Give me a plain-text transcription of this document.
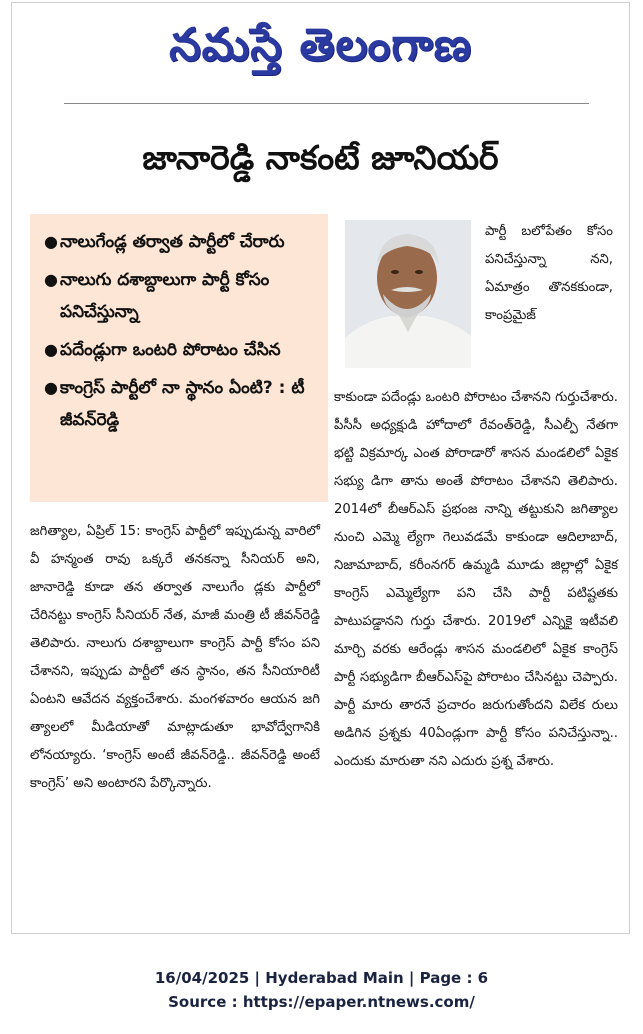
నమస్తే తెలంగాణ
జానారెడ్డి నాకంటే జూనియర్
● నాలుగేండ్ల తర్వాత పార్టీలో చేరారు
● నాలుగు దశాబ్దాలుగా పార్టీ కోసం పనిచేస్తున్నా
● పదేండ్లుగా ఒంటరి పోరాటం చేసిన
● కాంగ్రెస్ పార్టీలో నా స్థానం ఏంటి? : టీ జీవన్‌రెడ్డి
పార్టీ బలోపేతం కోసం పనిచేస్తున్నా నని, ఏమాత్రం తొనకకుండా, కాంప్రమైజ్
కాకుండా పదేండ్లు ఒంటరి పోరాటం చేశానని గుర్తుచేశారు. పీసీసీ అధ్యక్షుడి హోదాలో రేవంత్‌రెడ్డి, సీఎల్పీ నేతగా భట్టి విక్రమార్క ఎంత పోరాడారో శాసన మండలిలో ఏకైక సభ్యు డిగా తాను అంతే పోరాటం చేశానని తెలిపారు. 2014లో బీఆర్‌ఎస్ ప్రభంజ నాన్ని తట్టుకుని జగిత్యాల నుంచి ఎమ్మె ల్యేగా గెలువడమే కాకుండా ఆదిలాబాద్, నిజామాబాద్, కరీంనగర్ ఉమ్మడి మూడు జిల్లాల్లో ఏకైక కాంగ్రెస్ ఎమ్మెల్యేగా పని చేసి పార్టీ పటిష్టతకు పాటుపడ్డానని గుర్తు చేశారు. 2019లో ఎన్నికై ఇటీవలి మార్చి వరకు ఆరేండ్లు శాసన మండలిలో ఏకైక కాంగ్రెస్ పార్టీ సభ్యుడిగా బీఆర్‌ఎస్‌పై పోరాటం చేసినట్టు చెప్పారు. పార్టీ మారు తారనే ప్రచారం జరుగుతోందని విలేక రులు అడిగిన ప్రశ్నకు 40ఏండ్లుగా పార్టీ కోసం పనిచేస్తున్నా.. ఎందుకు మారుతా నని ఎదురు ప్రశ్న వేశారు.
జగిత్యాల, ఏప్రిల్ 15: కాంగ్రెస్ పార్టీలో ఇప్పుడున్న వారిలో వీ హన్మంత రావు ఒక్కరే తనకన్నా సీనియర్ అని, జానారెడ్డి కూడా తన తర్వాత నాలుగేం డ్లకు పార్టీలో చేరినట్టు కాంగ్రెస్ సీనియర్ నేత, మాజీ మంత్రి టీ జీవన్‌రెడ్డి తెలిపారు. నాలుగు దశాబ్దాలుగా కాంగ్రెస్ పార్టీ కోసం పని చేశానని, ఇప్పుడు పార్టీలో తన స్థానం, తన సీనియారిటీ ఏంటని ఆవేదన వ్యక్తంచేశారు. మంగళవారం ఆయన జగి త్యాలలో మీడియాతో మాట్లాడుతూ భావోద్వేగానికి లోనయ్యారు. ‘కాంగ్రెస్ అంటే జీవన్‌రెడ్డి.. జీవన్‌రెడ్డి అంటే కాంగ్రెస్’ అని అంటారని పేర్కొన్నారు.
16/04/2025 | Hyderabad Main | Page : 6
Source : https://epaper.ntnews.com/
